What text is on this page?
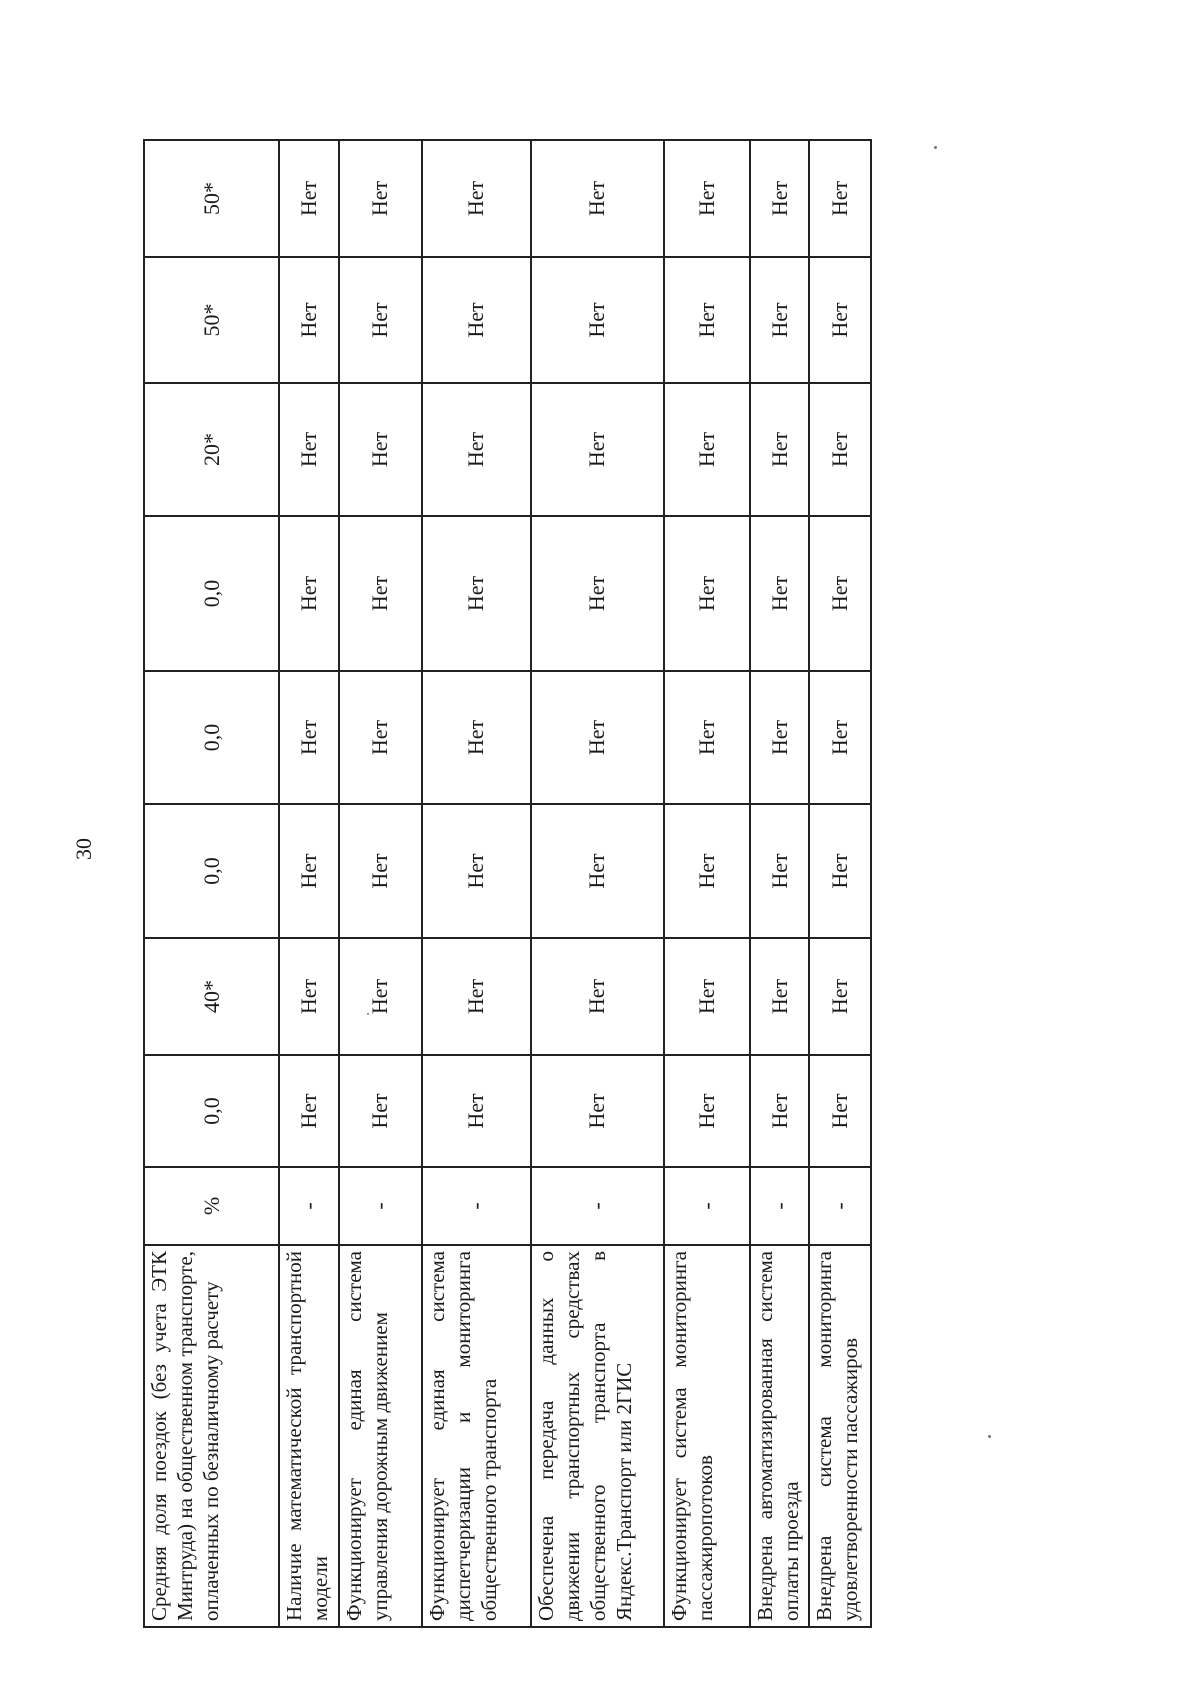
30
Средняя доля поездок (без учета ЭТК Минтруда) на общественном транспорте, оплаченных по безналичному расчету	%	0,0	40*	0,0	0,0	0,0	20*	50*	50*
Наличие математической транспортной модели	-	Нет	Нет	Нет	Нет	Нет	Нет	Нет	Нет
Функционирует единая система управления дорожным движением	-	Нет	Нет	Нет	Нет	Нет	Нет	Нет	Нет
Функционирует единая система диспетчеризации и мониторинга общественного транспорта	-	Нет	Нет	Нет	Нет	Нет	Нет	Нет	Нет
Обеспечена передача данных о движении транспортных средствах общественного транспорта в Яндекс.Транспорт или 2ГИС	-	Нет	Нет	Нет	Нет	Нет	Нет	Нет	Нет
Функционирует система мониторинга пассажиропотоков	-	Нет	Нет	Нет	Нет	Нет	Нет	Нет	Нет
Внедрена автоматизированная система оплаты проезда	-	Нет	Нет	Нет	Нет	Нет	Нет	Нет	Нет
Внедрена система мониторинга удовлетворенности пассажиров	-	Нет	Нет	Нет	Нет	Нет	Нет	Нет	Нет
